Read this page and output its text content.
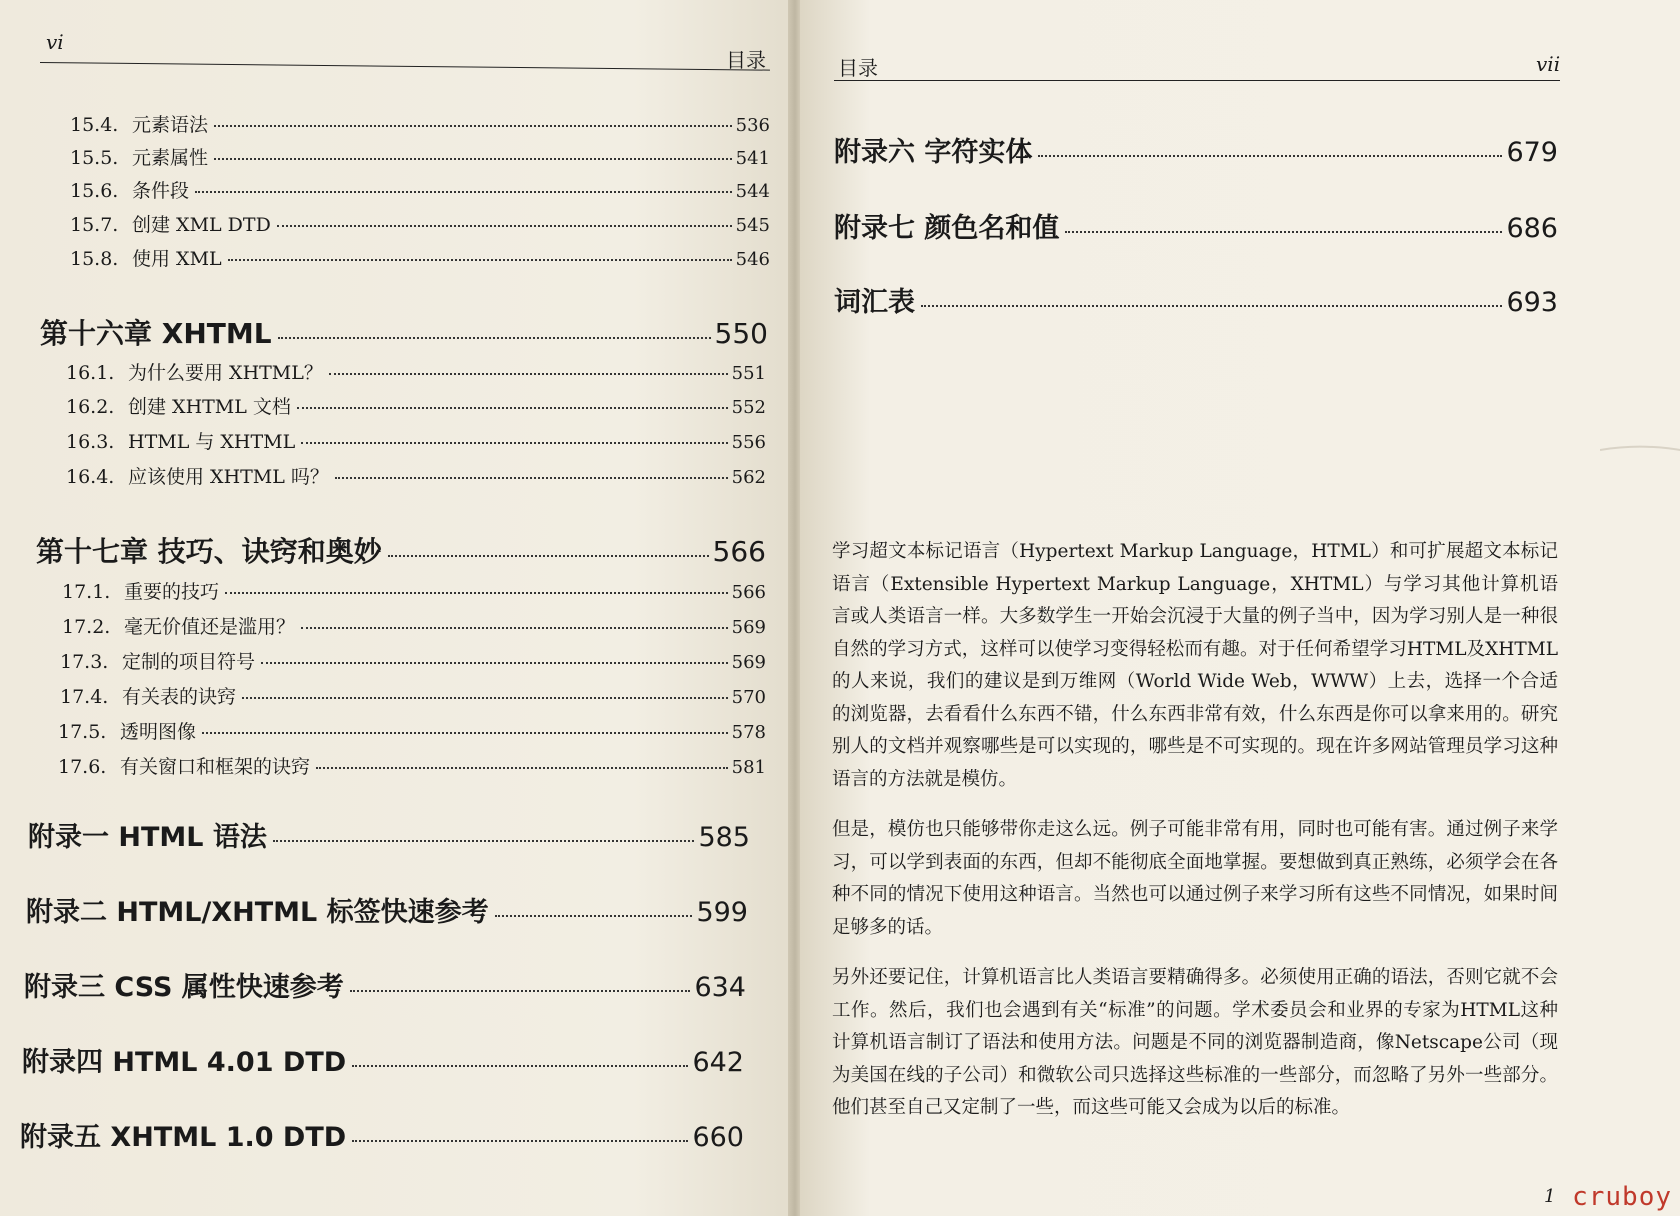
vi
目录
15.4. 元素语法	536
15.5. 元素属性	541
15.6. 条件段	544
15.7. 创建 XML DTD	545
15.8. 使用 XML	546
第十六章 XHTML	550
16.1. 为什么要用 XHTML？	551
16.2. 创建 XHTML 文档	552
16.3. HTML 与 XHTML	556
16.4. 应该使用 XHTML 吗？	562
第十七章 技巧、诀窍和奥妙	566
17.1. 重要的技巧	566
17.2. 毫无价值还是滥用？	569
17.3. 定制的项目符号	569
17.4. 有关表的诀窍	570
17.5. 透明图像	578
17.6. 有关窗口和框架的诀窍	581
附录一 HTML 语法	585
附录二 HTML/XHTML 标签快速参考	599
附录三 CSS 属性快速参考	634
附录四 HTML 4.01 DTD	642
附录五 XHTML 1.0 DTD	660
目录	vii
附录六 字符实体	679
附录七 颜色名和值	686
词汇表	693
学习超文本标记语言（Hypertext Markup Language，HTML）和可扩展超文本标记语言（Extensible Hypertext Markup Language，XHTML）与学习其他计算机语言或人类语言一样。大多数学生一开始会沉浸于大量的例子当中，因为学习别人是一种很自然的学习方式，这样可以使学习变得轻松而有趣。对于任何希望学习HTML及XHTML的人来说，我们的建议是到万维网（World Wide Web，WWW）上去，选择一个合适的浏览器，去看看什么东西不错，什么东西非常有效，什么东西是你可以拿来用的。研究别人的文档并观察哪些是可以实现的，哪些是不可实现的。现在许多网站管理员学习这种语言的方法就是模仿。
但是，模仿也只能够带你走这么远。例子可能非常有用，同时也可能有害。通过例子来学习，可以学到表面的东西，但却不能彻底全面地掌握。要想做到真正熟练，必须学会在各种不同的情况下使用这种语言。当然也可以通过例子来学习所有这些不同情况，如果时间足够多的话。
另外还要记住，计算机语言比人类语言要精确得多。必须使用正确的语法，否则它就不会工作。然后，我们也会遇到有关“标准”的问题。学术委员会和业界的专家为HTML这种计算机语言制订了语法和使用方法。问题是不同的浏览器制造商，像Netscape公司（现为美国在线的子公司）和微软公司只选择这些标准的一些部分，而忽略了另外一些部分。他们甚至自己又定制了一些，而这些可能又会成为以后的标准。
1 cruboy
